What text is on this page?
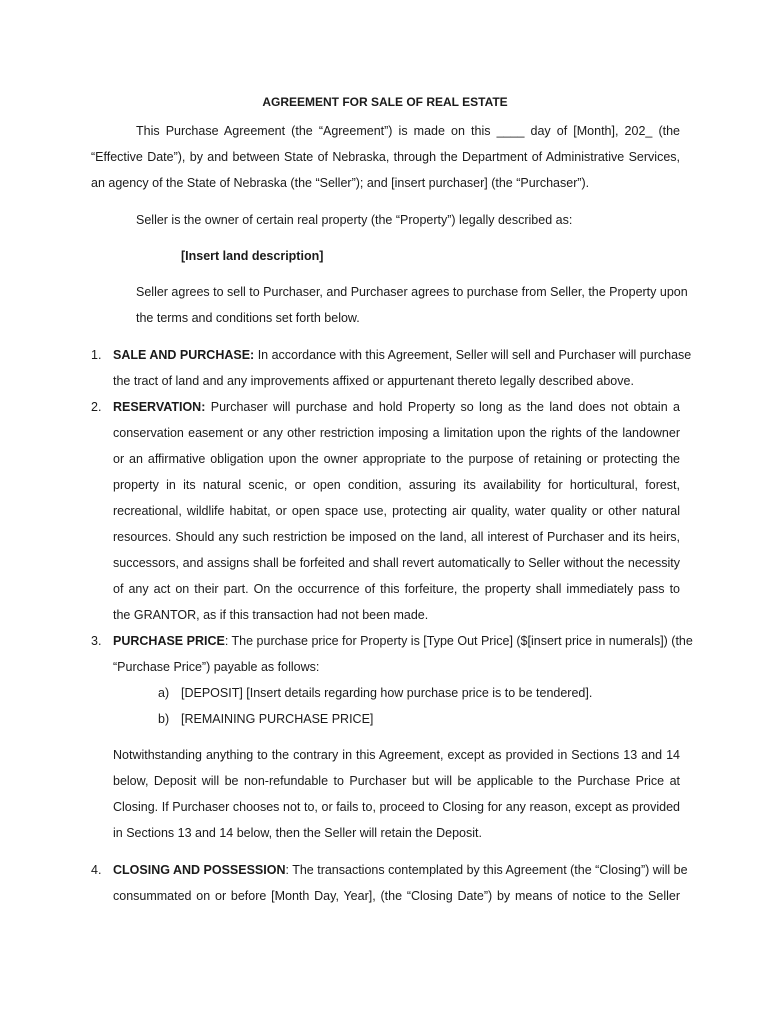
AGREEMENT FOR SALE OF REAL ESTATE
This Purchase Agreement (the “Agreement”) is made on this ____ day of [Month], 202_ (the
“Effective Date”), by and between State of Nebraska, through the Department of Administrative Services,
an agency of the State of Nebraska (the “Seller”); and [insert purchaser] (the “Purchaser”).
Seller is the owner of certain real property (the “Property”) legally described as:
[Insert land description]
Seller agrees to sell to Purchaser, and Purchaser agrees to purchase from Seller, the Property upon
the terms and conditions set forth below.
1. SALE AND PURCHASE: In accordance with this Agreement, Seller will sell and Purchaser will purchase
the tract of land and any improvements affixed or appurtenant thereto legally described above.
2. RESERVATION: Purchaser will purchase and hold Property so long as the land does not obtain a
conservation easement or any other restriction imposing a limitation upon the rights of the landowner
or an affirmative obligation upon the owner appropriate to the purpose of retaining or protecting the
property in its natural scenic, or open condition, assuring its availability for horticultural, forest,
recreational, wildlife habitat, or open space use, protecting air quality, water quality or other natural
resources. Should any such restriction be imposed on the land, all interest of Purchaser and its heirs,
successors, and assigns shall be forfeited and shall revert automatically to Seller without the necessity
of any act on their part. On the occurrence of this forfeiture, the property shall immediately pass to
the GRANTOR, as if this transaction had not been made.
3. PURCHASE PRICE: The purchase price for Property is [Type Out Price] ($[insert price in numerals]) (the
“Purchase Price”) payable as follows:
a) [DEPOSIT] [Insert details regarding how purchase price is to be tendered].
b) [REMAINING PURCHASE PRICE]
Notwithstanding anything to the contrary in this Agreement, except as provided in Sections 13 and 14
below, Deposit will be non-refundable to Purchaser but will be applicable to the Purchase Price at
Closing. If Purchaser chooses not to, or fails to, proceed to Closing for any reason, except as provided
in Sections 13 and 14 below, then the Seller will retain the Deposit.
4. CLOSING AND POSSESSION: The transactions contemplated by this Agreement (the “Closing”) will be
consummated on or before [Month Day, Year], (the “Closing Date”) by means of notice to the Seller
